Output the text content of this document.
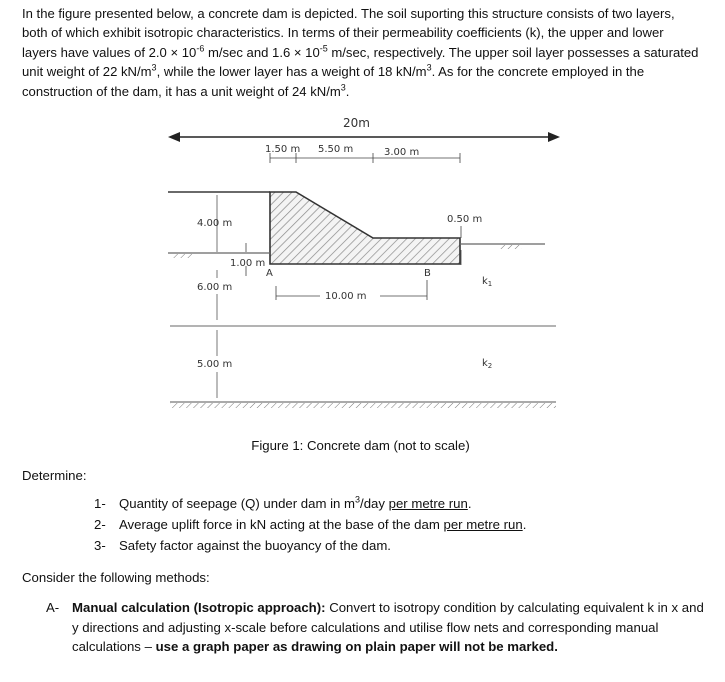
In the figure presented below, a concrete dam is depicted. The soil suporting this structure consists of two layers, both of which exhibit isotropic characteristics. In terms of their permeability coefficients (k), the upper and lower layers have values of $2.0 \times 10^{-6}$ m/sec and $1.6 \times 10^{-5}$ m/sec, respectively. The upper soil layer possesses a saturated unit weight of 22 $kN/m^3$, while the lower layer has a weight of 18 $kN/m^3$. As for the concrete employed in the construction of the dam, it has a unit weight of 24 $kN/m^3$.

20m
1.50 m 5.50 m	3.00 m
4.00 m
1.00 m
A	B
0.50 m
10.00 m
6.00 m
$k_1$
5.00 m	$k_2$

Figure 1: Concrete dam (not to scale)

Determine:

1- Quantity of seepage (Q) under dam in $m^3$/day per metre run.

2- Average uplift force in kN acting at the base of the dam per metre run.

3- Safety factor against the buoyancy of the dam.

Consider the following methods:

A- Manual calculation (Isotropic approach): Convert to isotropy condition by calculating equivalent k in x and y directions and adjusting x-scale before calculations and utilise flow nets and corresponding manual calculations – use a graph paper as drawing on plain paper will not be marked.
